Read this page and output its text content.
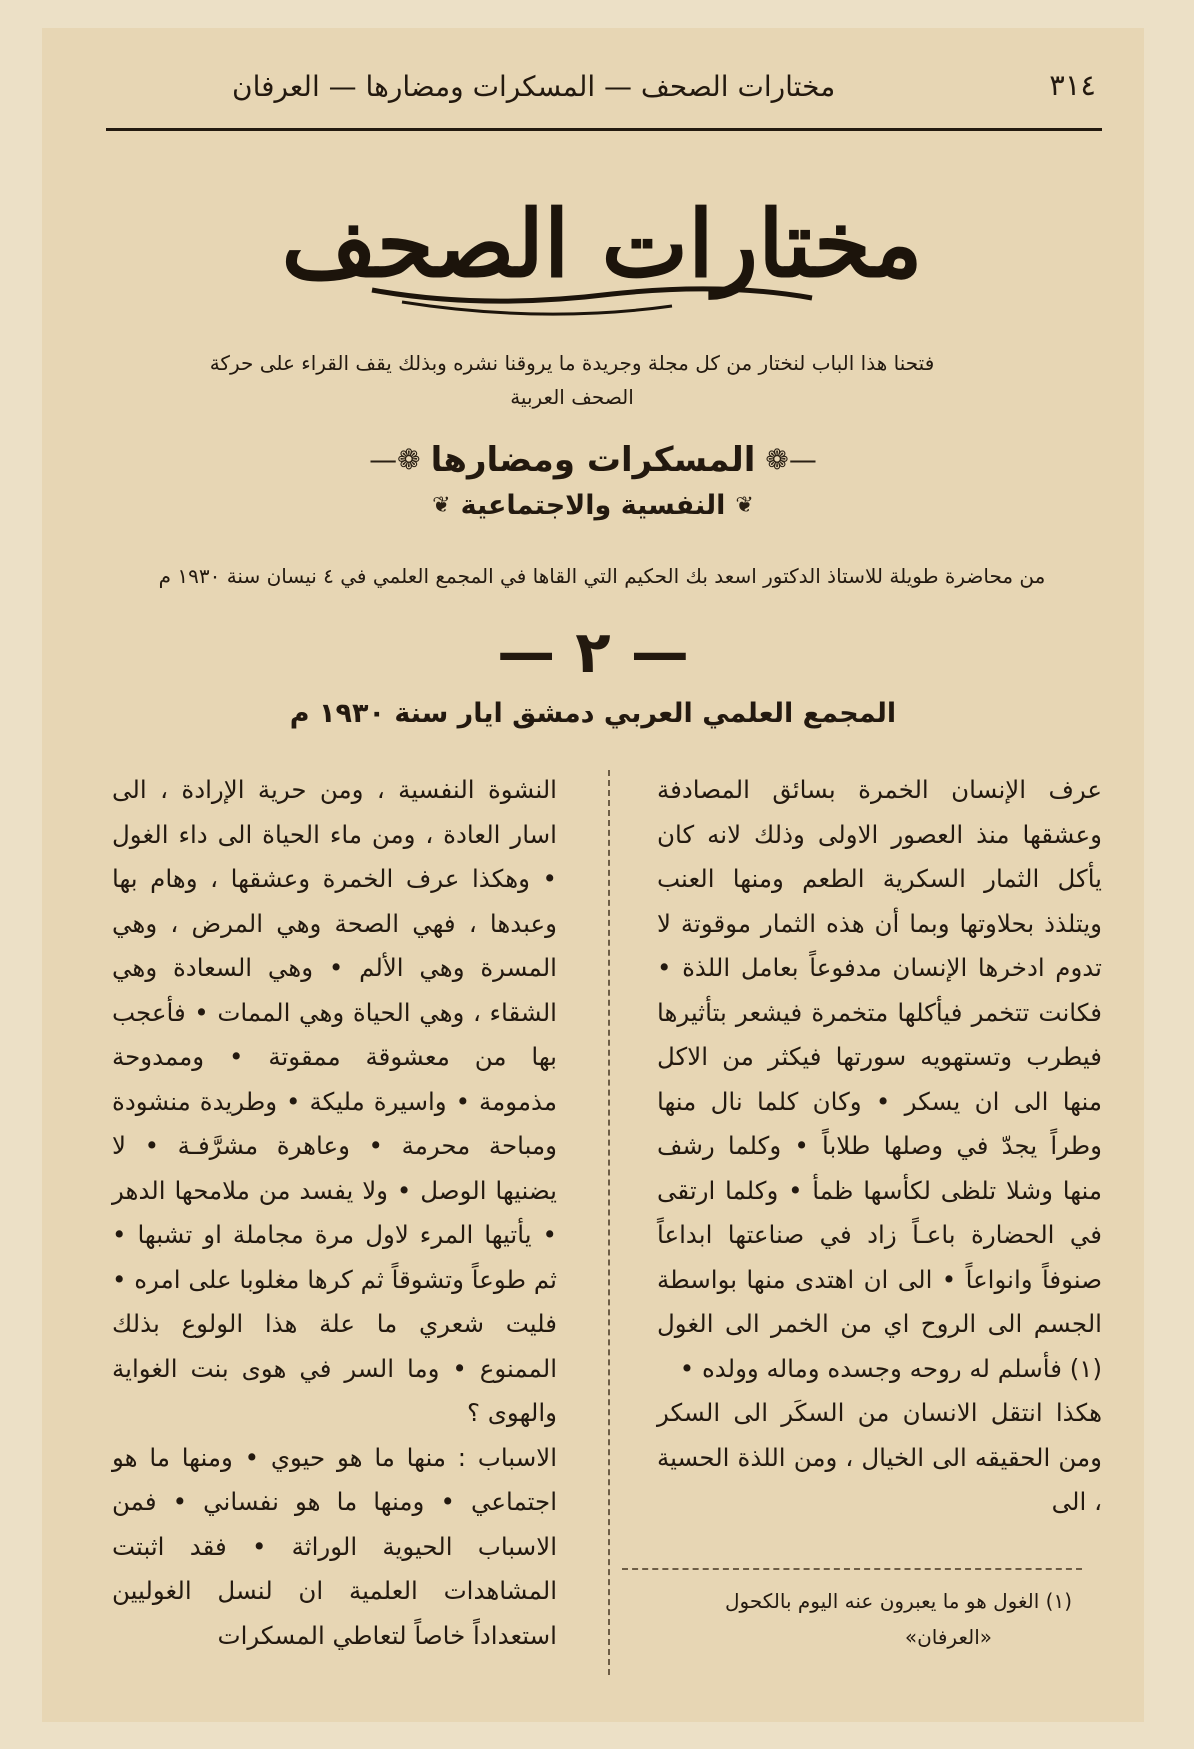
٣١٤
مختارات الصحف — المسكرات ومضارها — العرفان
مختارات الصحف
فتحنا هذا الباب لنختار من كل مجلة وجريدة ما يروقنا نشره وبذلك يقف القراء على حركة الصحف العربية
—❁
المسكرات ومضارها
❁—
❦
النفسية والاجتماعية
❦
من محاضرة طويلة للاستاذ الدكتور اسعد بك الحكيم التي القاها في المجمع العلمي في ٤ نيسان سنة ١٩٣٠ م
— ٢ —
المجمع العلمي العربي دمشق ايار سنة ١٩٣٠ م

عرف الإنسان الخمرة بسائق المصادفة وعشقها منذ العصور الاولى وذلك لانه كان يأكل الثمار السكرية الطعم ومنها العنب ويتلذذ بحلاوتها وبما أن هذه الثمار موقوتة لا تدوم ادخرها الإنسان مدفوعاً بعامل اللذة • فكانت تتخمر فيأكلها متخمرة فيشعر بتأثيرها فيطرب وتستهويه سورتها فيكثر من الاكل منها الى ان يسكر • وكان كلما نال منها وطراً يجدّ في وصلها طلاباً • وكلما رشف منها وشلا تلظى لكأسها ظمأ • وكلما ارتقى في الحضارة باعـاً زاد في صناعتها ابداعاً صنوفاً وانواعاً • الى ان اهتدى منها بواسطة الجسم الى الروح اي من الخمر الى الغول (١) فأسلم له روحه وجسده وماله وولده •

هكذا انتقل الانسان من السكَر الى السكر ومن الحقيقه الى الخيال ، ومن اللذة الحسية ، الى

النشوة النفسية ، ومن حرية الإرادة ، الى اسار العادة ، ومن ماء الحياة الى داء الغول • وهكذا عرف الخمرة وعشقها ، وهام بها وعبدها ، فهي الصحة وهي المرض ، وهي المسرة وهي الألم • وهي السعادة وهي الشقاء ، وهي الحياة وهي الممات • فأعجب بها من معشوقة ممقوتة • وممدوحة مذمومة • واسيرة مليكة • وطريدة منشودة ومباحة محرمة • وعاهرة مشرَّفـة • لا يضنيها الوصل • ولا يفسد من ملامحها الدهر • يأتيها المرء لاول مرة مجاملة او تشبها • ثم طوعاً وتشوقاً ثم كرها مغلوبا على امره • فليت شعري ما علة هذا الولوع بذلك الممنوع • وما السر في هوى بنت الغواية والهوى ؟

الاسباب : منها ما هو حيوي • ومنها ما هو اجتماعي • ومنها ما هو نفساني • فمن الاسباب الحيوية الوراثة • فقد اثبتت المشاهدات العلمية ان لنسل الغوليين استعداداً خاصاً لتعاطي المسكرات

(١) الغول هو ما يعبرون عنه اليوم بالكحول
«العرفان»
